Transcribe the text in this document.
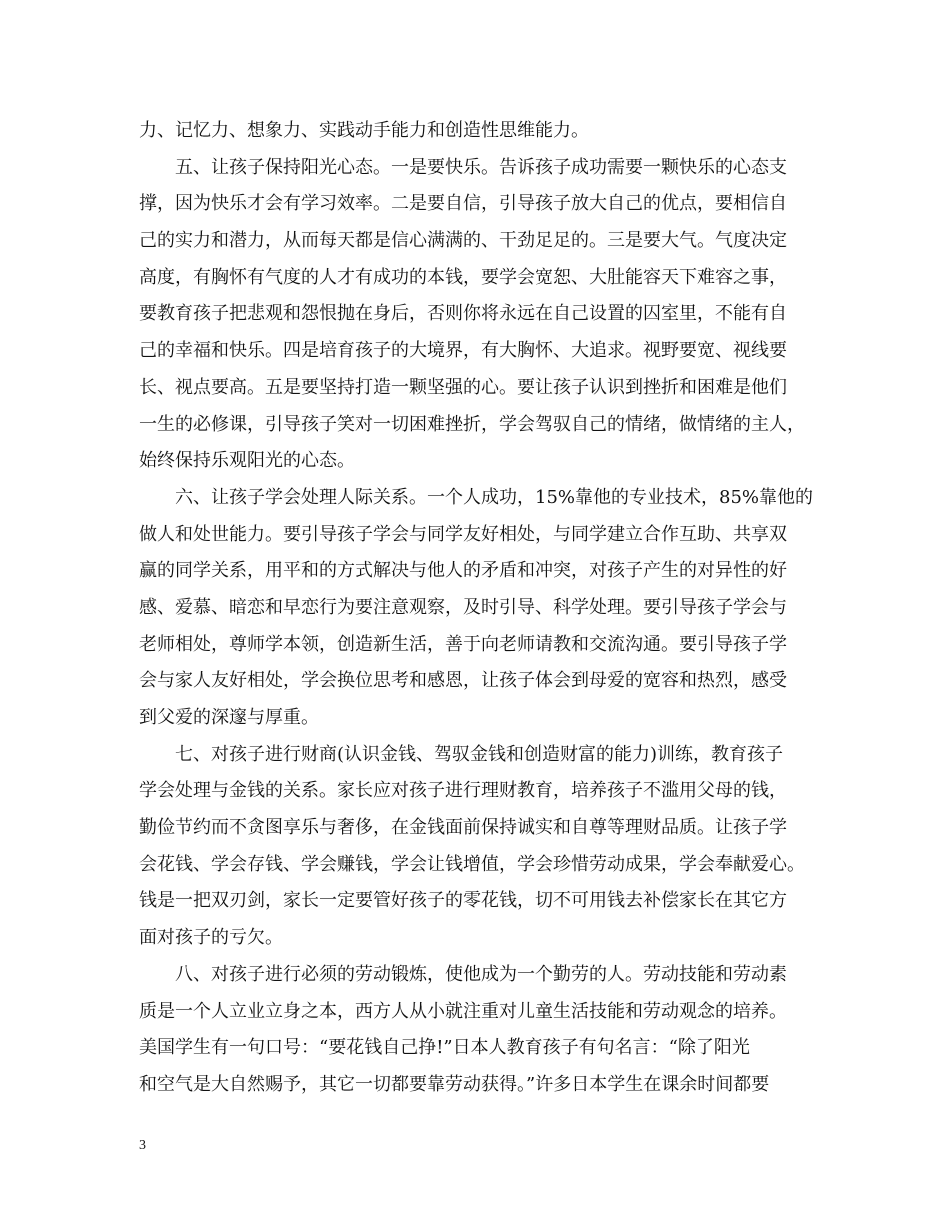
力、记忆力、想象力、实践动手能力和创造性思维能力。
五、让孩子保持阳光心态。一是要快乐。告诉孩子成功需要一颗快乐的心态支
撑，因为快乐才会有学习效率。二是要自信，引导孩子放大自己的优点，要相信自
己的实力和潜力，从而每天都是信心满满的、干劲足足的。三是要大气。气度决定
高度，有胸怀有气度的人才有成功的本钱，要学会宽恕、大肚能容天下难容之事，
要教育孩子把悲观和怨恨抛在身后，否则你将永远在自己设置的囚室里，不能有自
己的幸福和快乐。四是培育孩子的大境界，有大胸怀、大追求。视野要宽、视线要
长、视点要高。五是要坚持打造一颗坚强的心。要让孩子认识到挫折和困难是他们
一生的必修课，引导孩子笑对一切困难挫折，学会驾驭自己的情绪，做情绪的主人，
始终保持乐观阳光的心态。
六、让孩子学会处理人际关系。一个人成功，15%靠他的专业技术，85%靠他的
做人和处世能力。要引导孩子学会与同学友好相处，与同学建立合作互助、共享双
赢的同学关系，用平和的方式解决与他人的矛盾和冲突，对孩子产生的对异性的好
感、爱慕、暗恋和早恋行为要注意观察，及时引导、科学处理。要引导孩子学会与
老师相处，尊师学本领，创造新生活，善于向老师请教和交流沟通。要引导孩子学
会与家人友好相处，学会换位思考和感恩，让孩子体会到母爱的宽容和热烈，感受
到父爱的深邃与厚重。
七、对孩子进行财商(认识金钱、驾驭金钱和创造财富的能力)训练，教育孩子
学会处理与金钱的关系。家长应对孩子进行理财教育，培养孩子不滥用父母的钱，
勤俭节约而不贪图享乐与奢侈，在金钱面前保持诚实和自尊等理财品质。让孩子学
会花钱、学会存钱、学会赚钱，学会让钱增值，学会珍惜劳动成果，学会奉献爱心。
钱是一把双刃剑，家长一定要管好孩子的零花钱，切不可用钱去补偿家长在其它方
面对孩子的亏欠。
八、对孩子进行必须的劳动锻炼，使他成为一个勤劳的人。劳动技能和劳动素
质是一个人立业立身之本，西方人从小就注重对儿童生活技能和劳动观念的培养。
美国学生有一句口号：“要花钱自己挣!”日本人教育孩子有句名言：“除了阳光
和空气是大自然赐予，其它一切都要靠劳动获得。”许多日本学生在课余时间都要
3
